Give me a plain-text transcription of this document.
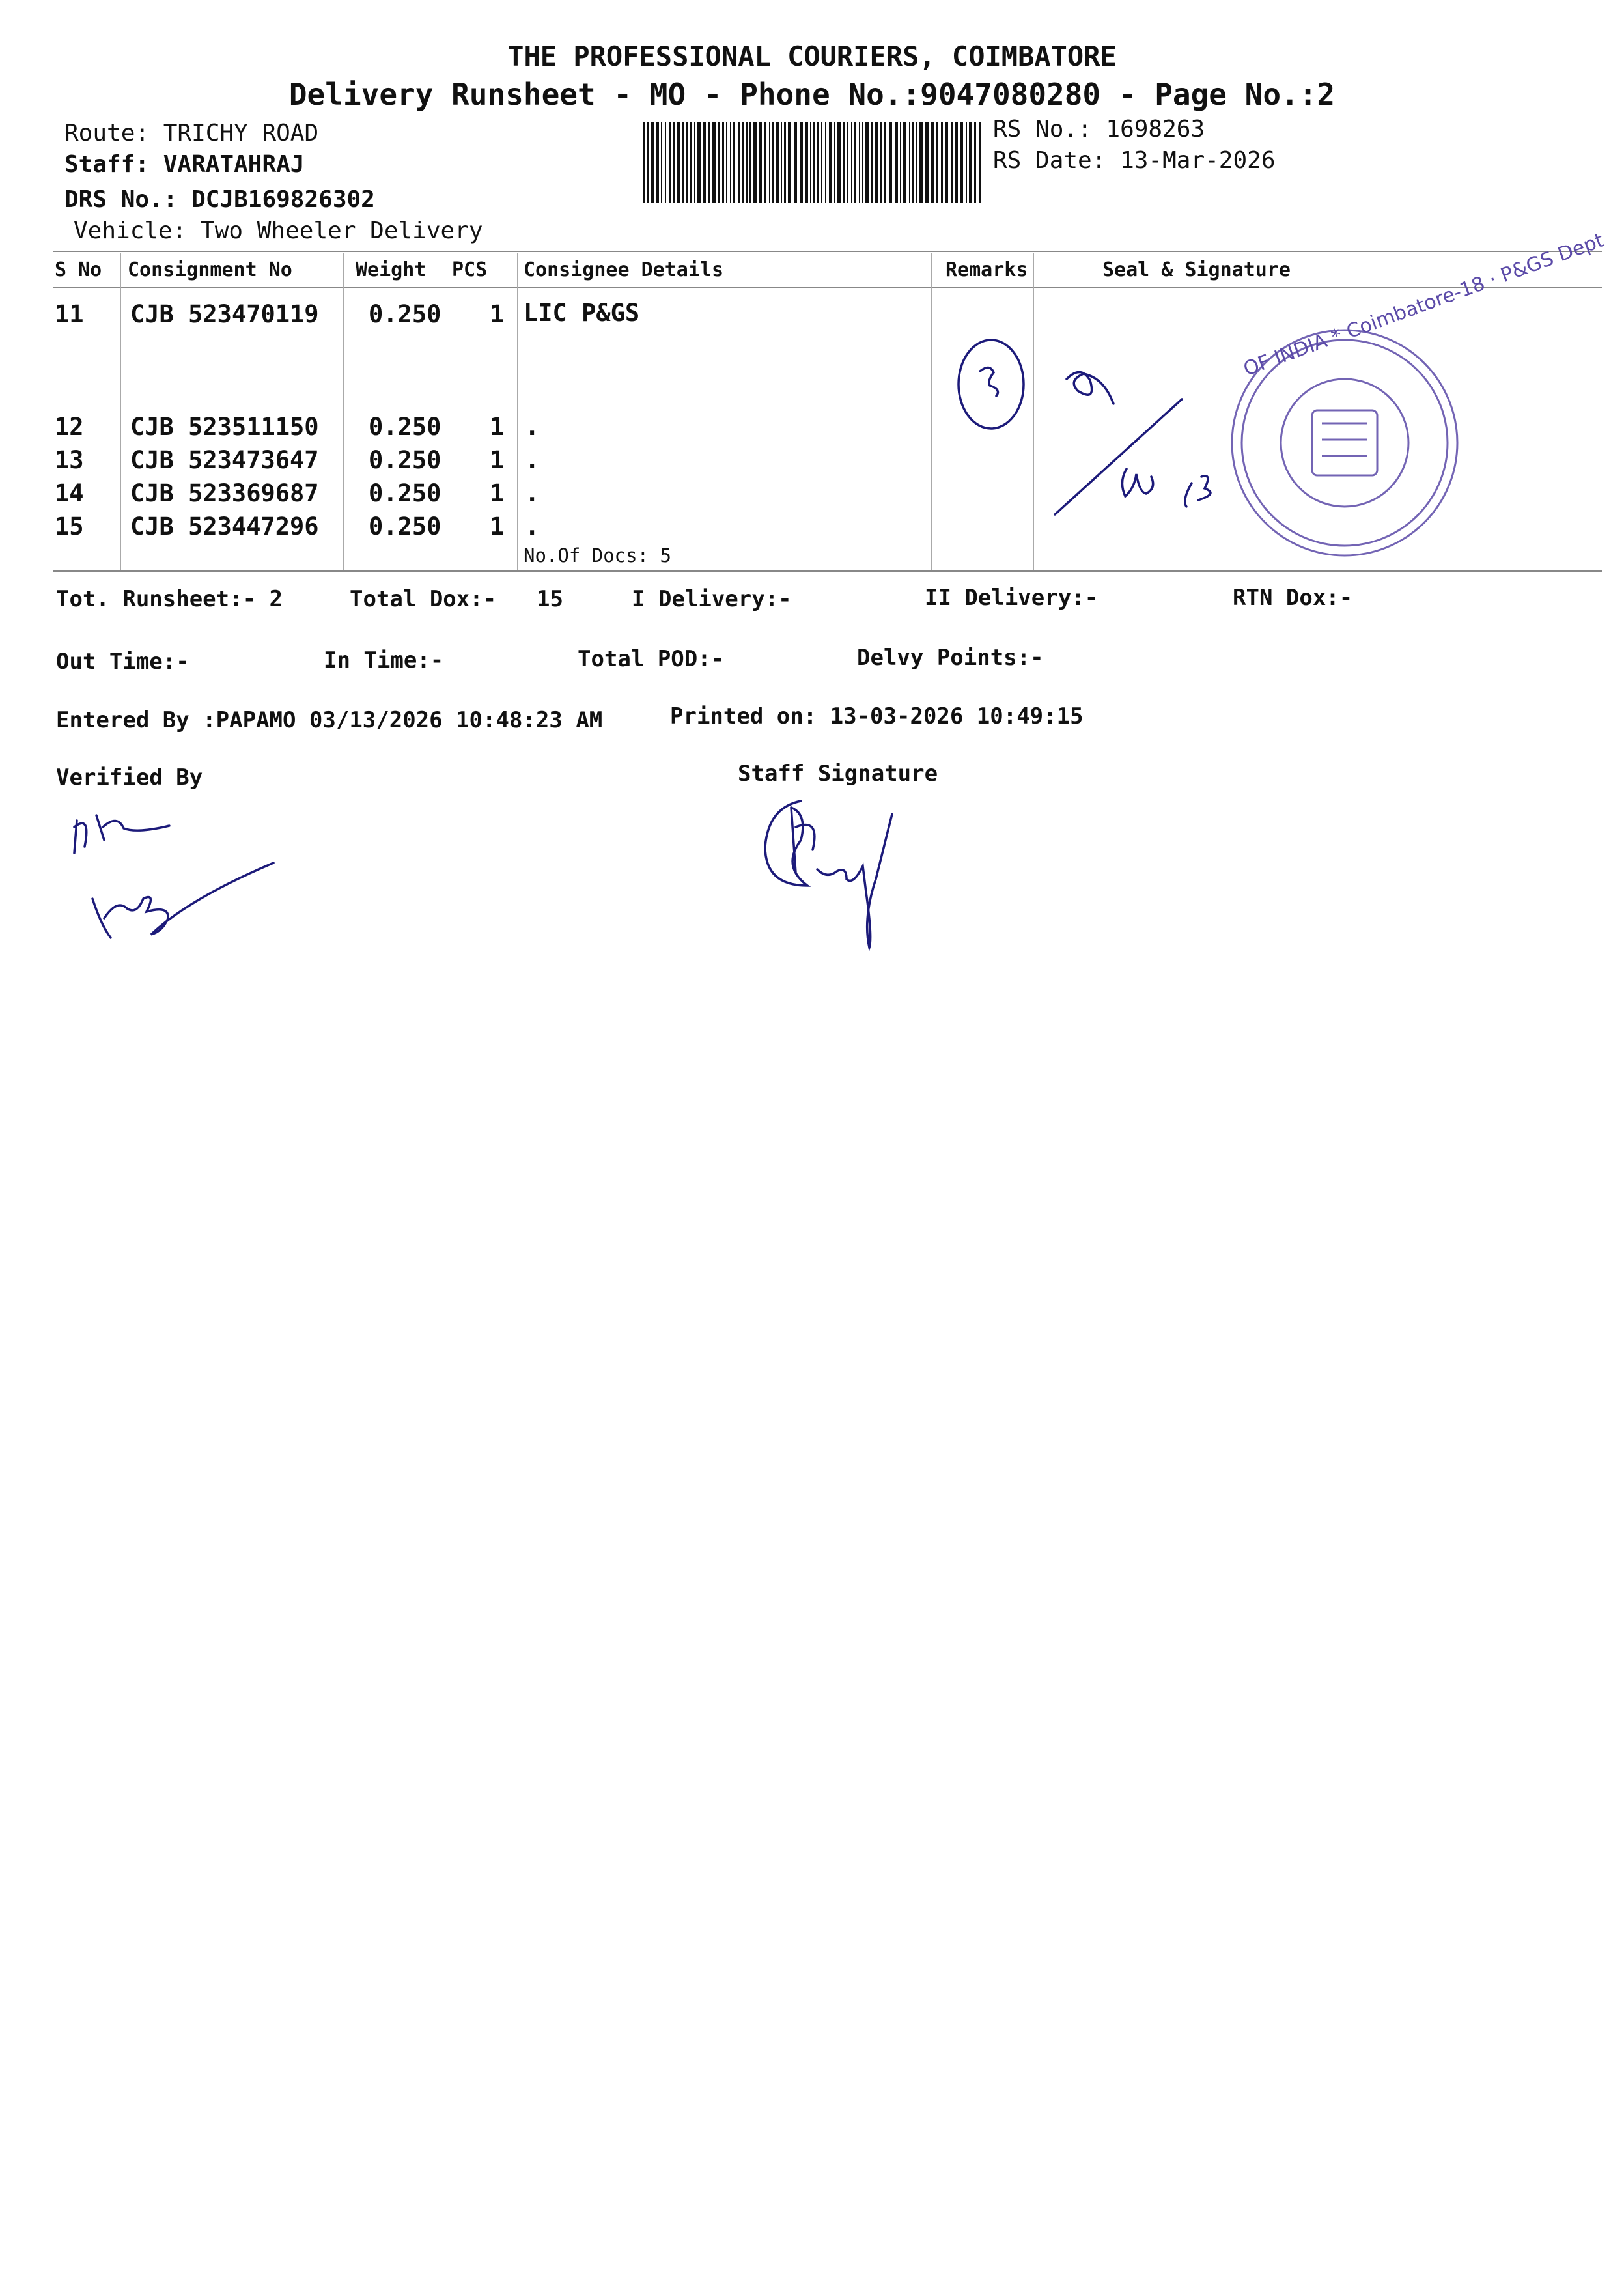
THE PROFESSIONAL COURIERS, COIMBATORE
Delivery Runsheet - MO - Phone No.:9047080280 - Page No.:2
Route: TRICHY ROAD
Staff: VARATAHRAJ
DRS No.: DCJB169826302
Vehicle: Two Wheeler Delivery
RS No.: 1698263
RS Date: 13-Mar-2026
S No Consignment No	Weight PCS Consignee Details	Remarks	Seal & Signature
11 CJB 523470119 0.250 1 LIC P&GS
12 CJB 523511150 0.250 1 .
13 CJB 523473647 0.250 1 .
14 CJB 523369687 0.250 1 .
15 CJB 523447296 0.250 1 .
No.Of Docs: 5
OF INDIA * Coimbatore-18 · P&GS Dept
Tot. Runsheet:- 2	Total Dox:- 15	I Delivery:-	II Delivery:-	RTN Dox:-
Out Time:-	In Time:-	Total POD:-	Delvy Points:-
Entered By :PAPAMO 03/13/2026 10:48:23 AM	Printed on: 13-03-2026 10:49:15
Verified By	Staff Signature
